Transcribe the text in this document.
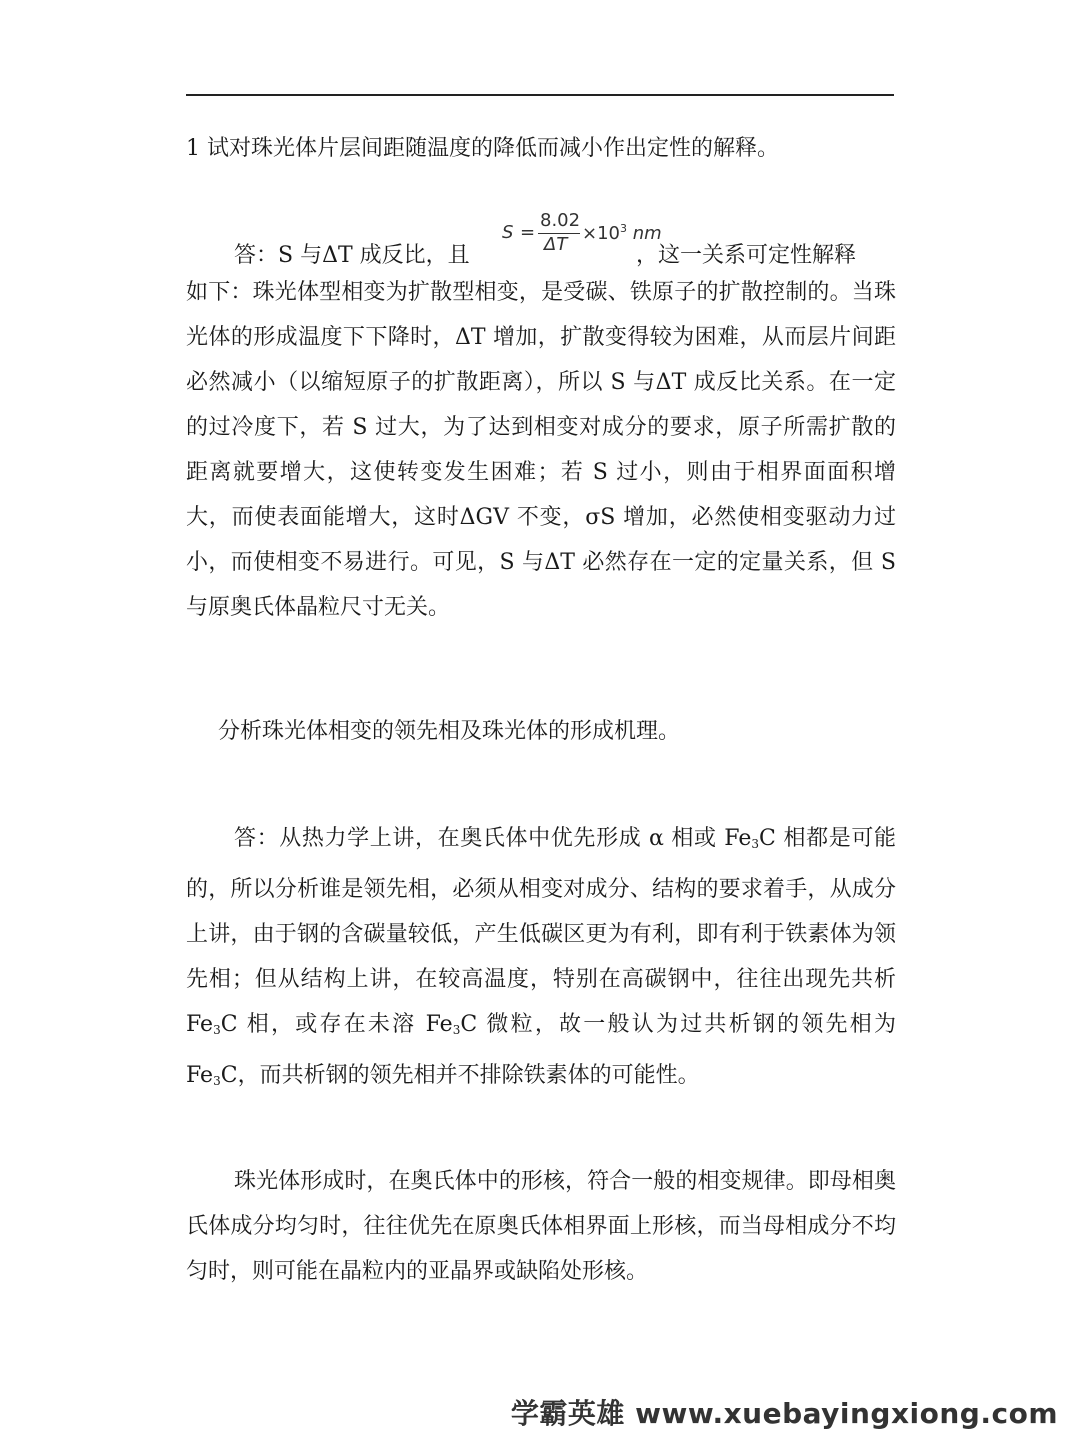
1 试对珠光体片层间距随温度的降低而减小作出定性的解释。

答：S 与ΔT 成反比，且
S =
8.02
ΔT
$\times 10^3$ nm
，这一关系可定性解释

如下：珠光体型相变为扩散型相变，是受碳、铁原子的扩散控制的。当珠光体的形成温度下下降时，ΔT 增加，扩散变得较为困难，从而层片间距必然减小（以缩短原子的扩散距离），所以 S 与ΔT 成反比关系。在一定的过冷度下，若 S 过大，为了达到相变对成分的要求，原子所需扩散的距离就要增大，这使转变发生困难；若 S 过小，则由于相界面面积增大，而使表面能增大，这时ΔGV 不变，σS 增加，必然使相变驱动力过小，而使相变不易进行。可见，S 与ΔT 必然存在一定的定量关系，但 S 与原奥氏体晶粒尺寸无关。

分析珠光体相变的领先相及珠光体的形成机理。

答：从热力学上讲，在奥氏体中优先形成 α 相或 $Fe_3C$ 相都是可能的，所以分析谁是领先相，必须从相变对成分、结构的要求着手，从成分上讲，由于钢的含碳量较低，产生低碳区更为有利，即有利于铁素体为领先相；但从结构上讲，在较高温度，特别在高碳钢中，往往出现先共析 $Fe_3C$ 相，或存在未溶 $Fe_3C$ 微粒，故一般认为过共析钢的领先相为 $Fe_3C$，而共析钢的领先相并不排除铁素体的可能性。

珠光体形成时，在奥氏体中的形核，符合一般的相变规律。即母相奥氏体成分均匀时，往往优先在原奥氏体相界面上形核，而当母相成分不均匀时，则可能在晶粒内的亚晶界或缺陷处形核。

学霸英雄 www.xuebayingxiong.com
